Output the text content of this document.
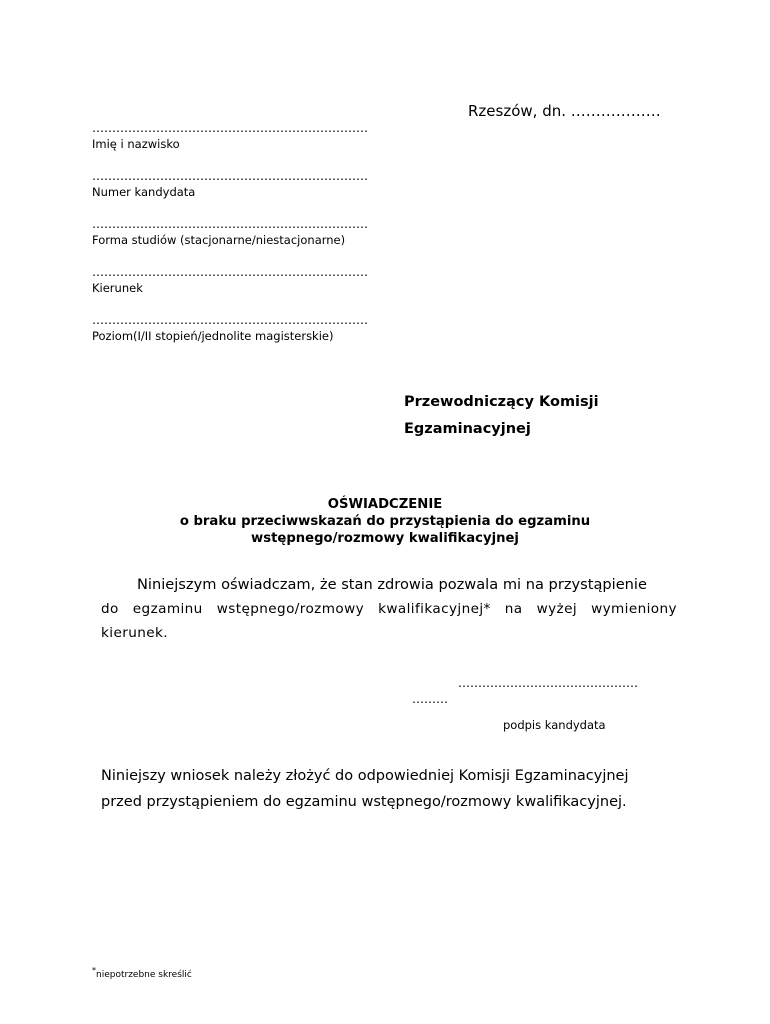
Rzeszów, dn. ………………
……………………………………………………………
Imię i nazwisko
……………………………………………………………
Numer kandydata
……………………………………………………………
Forma studiów (stacjonarne/niestacjonarne)
……………………………………………………………
Kierunek
……………………………………………………………
Poziom(I/II stopień/jednolite magisterskie)
Przewodniczący Komisji
Egzaminacyjnej
OŚWIADCZENIE
o braku przeciwwskazań do przystąpienia do egzaminu
wstępnego/rozmowy kwalifikacyjnej
Niniejszym oświadczam, że stan zdrowia pozwala mi na przystąpienie
do egzaminu wstępnego/rozmowy kwalifikacyjnej* na wyżej wymieniony
kierunek.
………………………………………
………
podpis kandydata
Niniejszy wniosek należy złożyć do odpowiedniej Komisji Egzaminacyjnej
przed przystąpieniem do egzaminu wstępnego/rozmowy kwalifikacyjnej.
*niepotrzebne skreślić
